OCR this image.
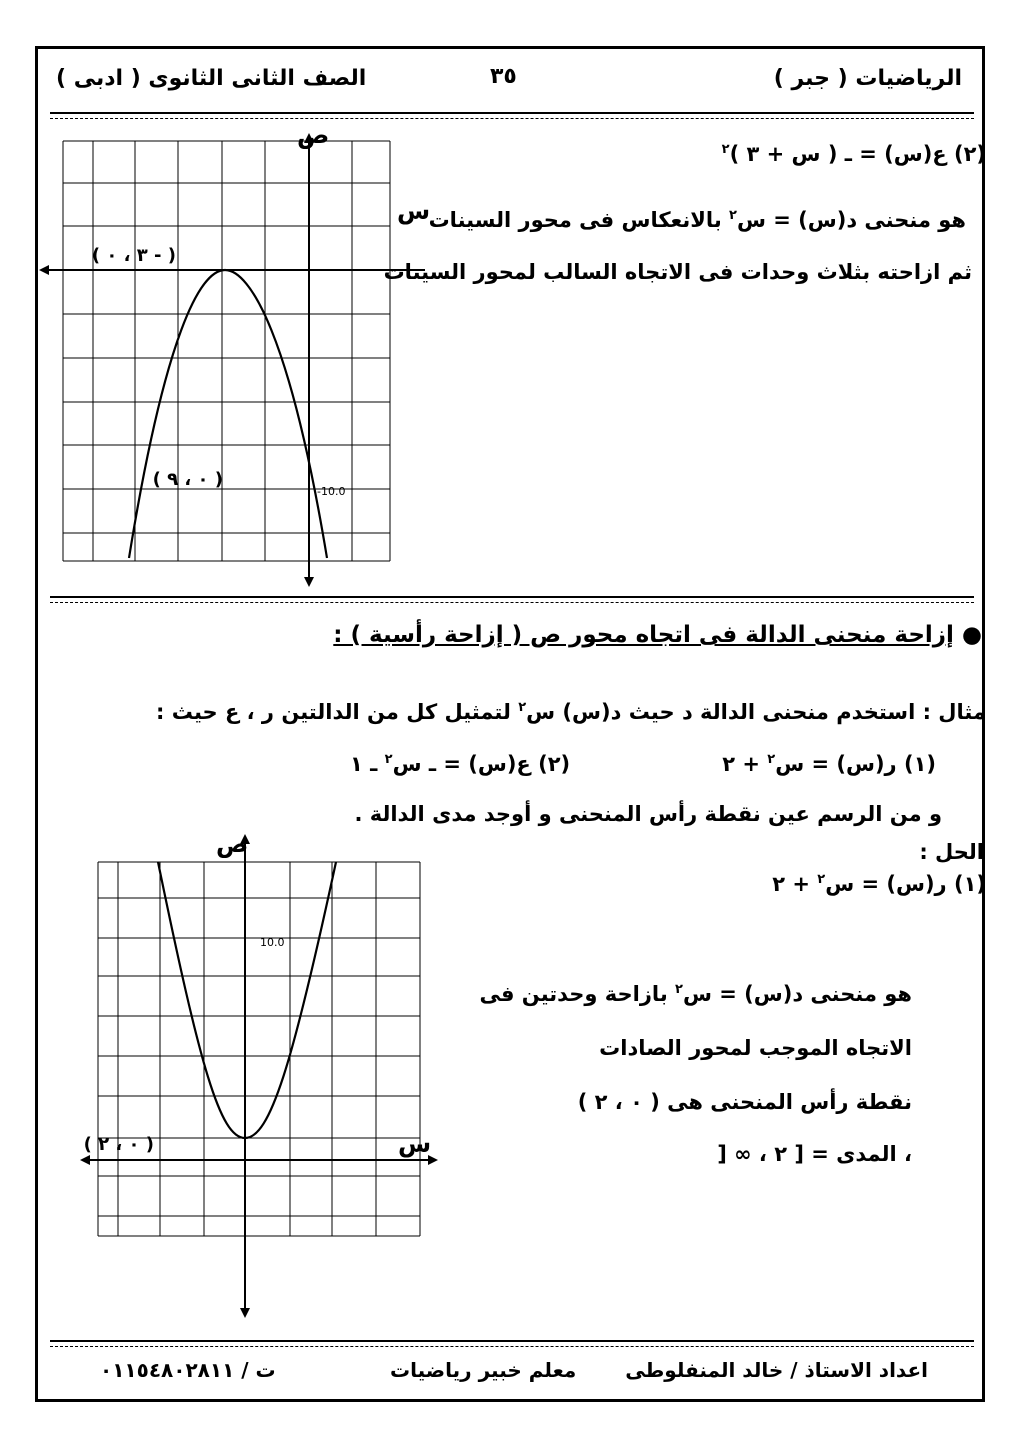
الرياضيات ( جبر )
٣٥
الصف الثانى الثانوى ( ادبى )
(٢) ع(س) = ـ ( س + ٣ )$^٢$
هو منحنى د(س) = س$^٢$ بالانعكاس فى محور السينات
ثم ازاحته بثلاث وحدات فى الاتجاه السالب لمحور السينات
ص
س
( - ٣ ، ٠ )
( ٠ ، ٩ )
-10.0
● إزاحة منحنى الدالة فى اتجاه محور ص ( إزاحة رأسية ) :
مثال : استخدم منحنى الدالة د حيث د(س) س$^٢$ لتمثيل كل من الدالتين ر ، ع حيث :
(١) ر(س) = س$^٢$ + ٢
(٢) ع(س) = ـ س$^٢$ ـ ١
و من الرسم عين نقطة رأس المنحنى و أوجد مدى الدالة .
الحل :
(١) ر(س) = س$^٢$ + ٢
هو منحنى د(س) = س$^٢$ بازاحة وحدتين فى
الاتجاه الموجب لمحور الصادات
نقطة رأس المنحنى هى ( ٠ ، ٢ )
، المدى = [ ٢ ، ∞ [
ص
س
( ٠ ، ٢ )
10.0
اعداد الاستاذ / خالد المنفلوطى
معلم خبير رياضيات
ت / ٠١١٥٤٨٠٢٨١١
